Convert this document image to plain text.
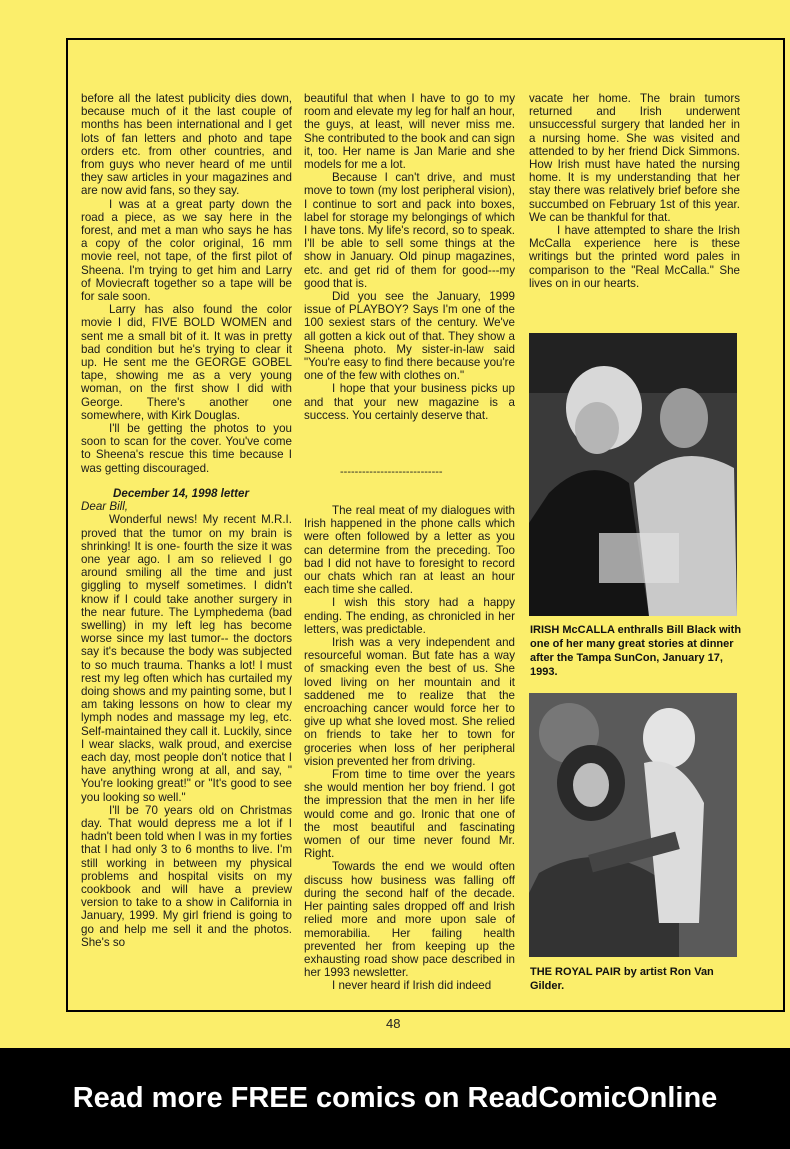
before all the latest publicity dies down, because much of it the last couple of months has been international and I get lots of fan letters and photo and tape orders etc. from other countries, and from guys who never heard of me until they saw articles in your magazines and are now avid fans, so they say.

I was at a great party down the road a piece, as we say here in the forest, and met a man who says he has a copy of the color original, 16 mm movie reel, not tape, of the first pilot of Sheena. I'm trying to get him and Larry of Moviecraft together so a tape will be for sale soon.

Larry has also found the color movie I did, FIVE BOLD WOMEN and sent me a small bit of it. It was in pretty bad condition but he's trying to clear it up. He sent me the GEORGE GOBEL tape, showing me as a very young woman, on the first show I did with George. There's another one somewhere, with Kirk Douglas.

I'll be getting the photos to you soon to scan for the cover. You've come to Sheena's rescue this time because I was getting discouraged.

December 14, 1998 letter

Dear Bill,

Wonderful news! My recent M.R.I. proved that the tumor on my brain is shrinking! It is one- fourth the size it was one year ago. I am so relieved I go around smiling all the time and just giggling to myself sometimes. I didn't know if I could take another surgery in the near future. The Lymphedema (bad swelling) in my left leg has become worse since my last tumor-- the doctors say it's because the body was subjected to so much trauma. Thanks a lot! I must rest my leg often which has curtailed my doing shows and my painting some, but I am taking lessons on how to clear my lymph nodes and massage my leg, etc. Self-maintained they call it. Luckily, since I wear slacks, walk proud, and exercise each day, most people don't notice that I have anything wrong at all, and say, " You're looking great!" or "It's good to see you looking so well."

I'll be 70 years old on Christmas day. That would depress me a lot if I hadn't been told when I was in my forties that I had only 3 to 6 months to live. I'm still working in between my physical problems and hospital visits on my cookbook and will have a preview version to take to a show in California in January, 1999. My girl friend is going to go and help me sell it and the photos. She's so

beautiful that when I have to go to my room and elevate my leg for half an hour, the guys, at least, will never miss me. She contributed to the book and can sign it, too. Her name is Jan Marie and she models for me a lot.

Because I can't drive, and must move to town (my lost peripheral vision), I continue to sort and pack into boxes, label for storage my belongings of which I have tons. My life's record, so to speak. I'll be able to sell some things at the show in January. Old pinup magazines, etc. and get rid of them for good---my good that is.

Did you see the January, 1999 issue of PLAYBOY? Says I'm one of the 100 sexiest stars of the century. We've all gotten a kick out of that. They show a Sheena photo. My sister-in-law said "You're easy to find there because you're one of the few with clothes on."

I hope that your business picks up and that your new magazine is a success. You certainly deserve that.

----------------------------

The real meat of my dialogues with Irish happened in the phone calls which were often followed by a letter as you can determine from the preceding. Too bad I did not have to foresight to record our chats which ran at least an hour each time she called.

I wish this story had a happy ending. The ending, as chronicled in her letters, was predictable.

Irish was a very independent and resourceful woman. But fate has a way of smacking even the best of us. She loved living on her mountain and it saddened me to realize that the encroaching cancer would force her to give up what she loved most. She relied on friends to take her to town for groceries when loss of her peripheral vision prevented her from driving.

From time to time over the years she would mention her boy friend. I got the impression that the men in her life would come and go. Ironic that one of the most beautiful and fascinating women of our time never found Mr. Right.

Towards the end we would often discuss how business was falling off during the second half of the decade. Her painting sales dropped off and Irish relied more and more upon sale of memorabilia. Her failing health prevented her from keeping up the exhausting road show pace described in her 1993 newsletter.

I never heard if Irish did indeed

vacate her home. The brain tumors returned and Irish underwent unsuccessful surgery that landed her in a nursing home. She was visited and attended to by her friend Dick Simmons. How Irish must have hated the nursing home. It is my understanding that her stay there was relatively brief before she succumbed on February 1st of this year. We can be thankful for that.

I have attempted to share the Irish McCalla experience here is these writings but the printed word pales in comparison to the "Real McCalla." She lives on in our hearts.

IRISH McCALLA enthralls Bill Black with one of her many great stories at dinner after the Tampa SunCon, January 17, 1993.
THE ROYAL PAIR by artist Ron Van Gilder.
48
Read more FREE comics on ReadComicOnline
